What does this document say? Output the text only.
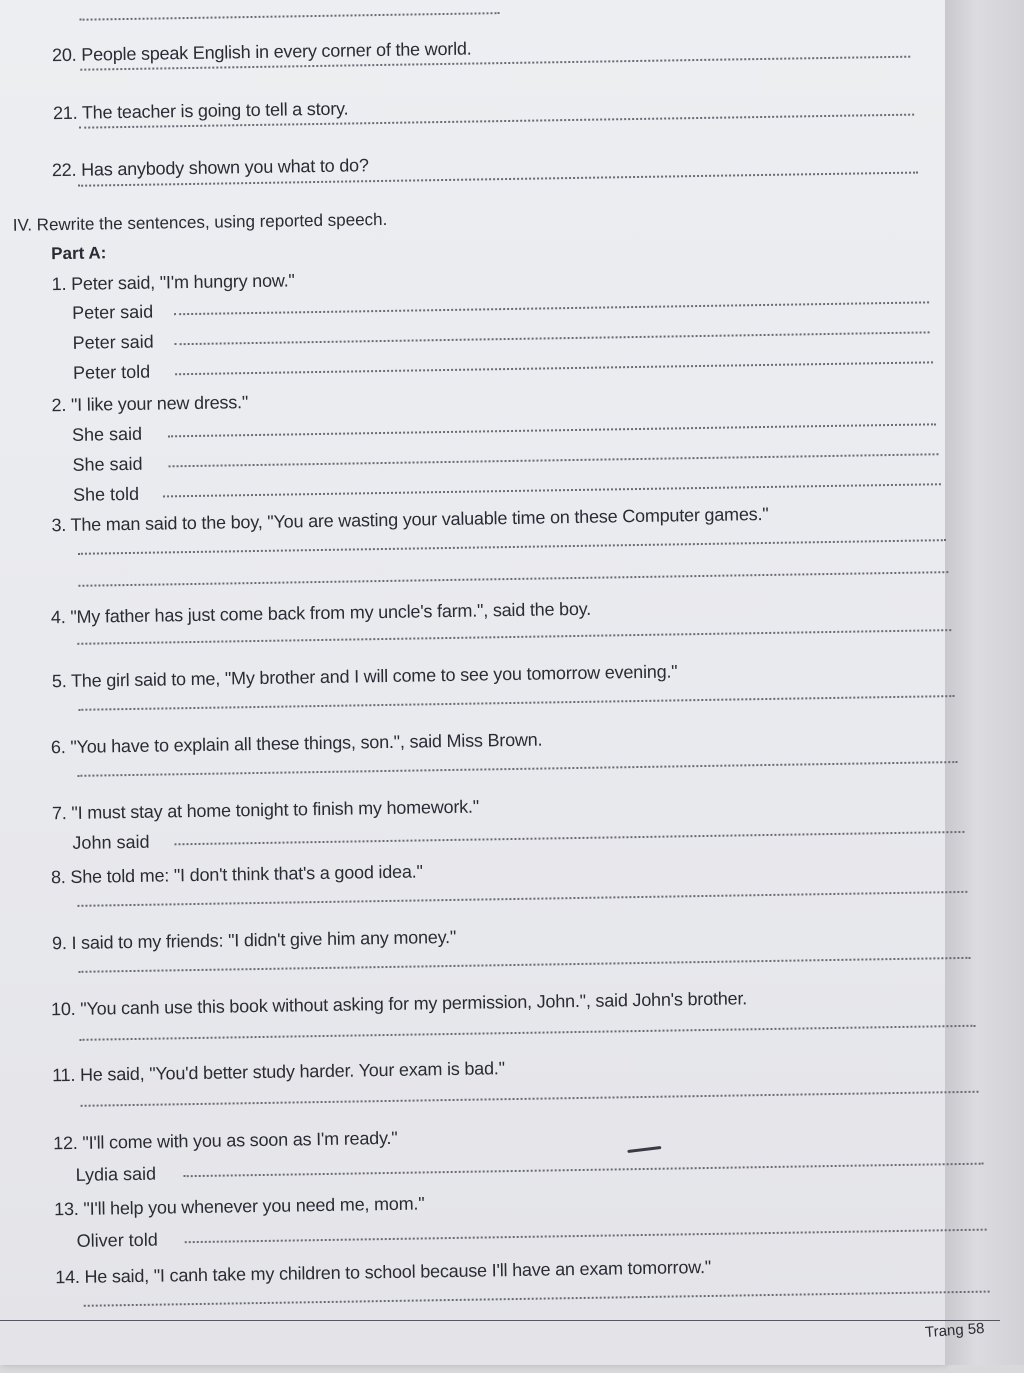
20. People speak English in every corner of the world.
21. The teacher is going to tell a story.
22. Has anybody shown you what to do?
IV. Rewrite the sentences, using reported speech.
Part A:
1. Peter said, "I'm hungry now."
Peter said
Peter said
Peter told
2. "I like your new dress."
She said
She said
She told
3. The man said to the boy, "You are wasting your valuable time on these Computer games."
4. "My father has just come back from my uncle's farm.", said the boy.
5. The girl said to me, "My brother and I will come to see you tomorrow evening."
6. "You have to explain all these things, son.", said Miss Brown.
7. "I must stay at home tonight to finish my homework."
John said
8. She told me: "I don't think that's a good idea."
9. I said to my friends: "I didn't give him any money."
10. "You canh use this book without asking for my permission, John.", said John's brother.
11. He said, "You'd better study harder. Your exam is bad."
12. "I'll come with you as soon as I'm ready."
Lydia said
13. "I'll help you whenever you need me, mom."
Oliver told
14. He said, "I canh take my children to school because I'll have an exam tomorrow."
Trang 58
